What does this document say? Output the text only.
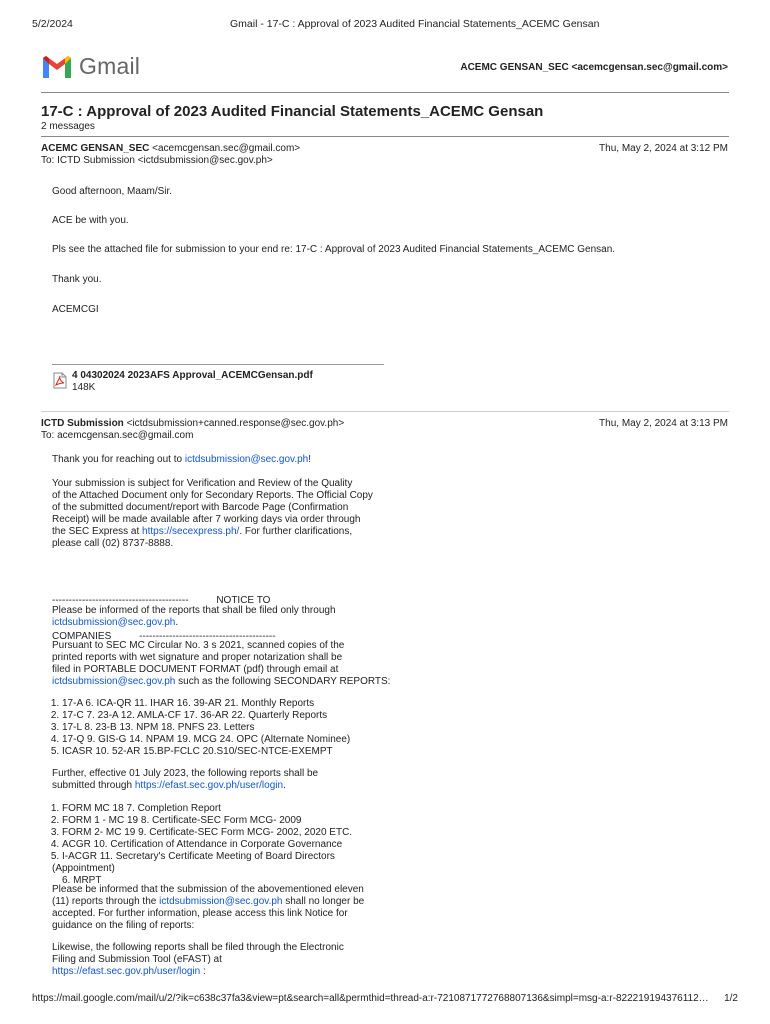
5/2/2024	Gmail - 17-C : Approval of 2023 Audited Financial Statements_ACEMC Gensan
Gmail	ACEMC GENSAN_SEC <acemcgensan.sec@gmail.com>
17-C : Approval of 2023 Audited Financial Statements_ACEMC Gensan
2 messages
ACEMC GENSAN_SEC <acemcgensan.sec@gmail.com>
To: ICTD Submission <ictdsubmission@sec.gov.ph>
Thu, May 2, 2024 at 3:12 PM
Good afternoon, Maam/Sir.
ACE be with you.
Pls see the attached file for submission to your end re: 17-C : Approval of 2023 Audited Financial Statements_ACEMC Gensan.
Thank you.
ACEMCGI
4 04302024 2023AFS Approval_ACEMCGensan.pdf
148K
ICTD Submission <ictdsubmission+canned.response@sec.gov.ph>
To: acemcgensan.sec@gmail.com
Thu, May 2, 2024 at 3:13 PM
Thank you for reaching out to ictdsubmission@sec.gov.ph!
Your submission is subject for Verification and Review of the Quality
of the Attached Document only for Secondary Reports. The Official Copy
of the submitted document/report with Barcode Page (Confirmation
Receipt) will be made available after 7 working days via order through
the SEC Express at https://secexpress.ph/. For further clarifications,
please call (02) 8737-8888.

-----------------------------------------          NOTICE TO

COMPANIES          -----------------------------------------

Please be informed of the reports that shall be filed only through
ictdsubmission@sec.gov.ph.
Pursuant to SEC MC Circular No. 3 s 2021, scanned copies of the
printed reports with wet signature and proper notarization shall be
filed in PORTABLE DOCUMENT FORMAT (pdf) through email at
ictdsubmission@sec.gov.ph such as the following SECONDARY REPORTS:
1. 17-A 6. ICA-QR 11. IHAR 16. 39-AR 21. Monthly Reports
2. 17-C 7. 23-A 12. AMLA-CF 17. 36-AR 22. Quarterly Reports
3. 17-L 8. 23-B 13. NPM 18. PNFS 23. Letters
4. 17-Q 9. GIS-G 14. NPAM 19. MCG 24. OPC (Alternate Nominee)
5. ICASR 10. 52-AR 15.BP-FCLC 20.S10/SEC-NTCE-EXEMPT
Further, effective 01 July 2023, the following reports shall be
submitted through https://efast.sec.gov.ph/user/login.
1. FORM MC 18 7. Completion Report
2. FORM 1 - MC 19 8. Certificate-SEC Form MCG- 2009
3. FORM 2- MC 19 9. Certificate-SEC Form MCG- 2002, 2020 ETC.
4. ACGR 10. Certification of Attendance in Corporate Governance
5. I-ACGR 11. Secretary's Certificate Meeting of Board Directors
(Appointment)
6. MRPT
Please be informed that the submission of the abovementioned eleven
(11) reports through the ictdsubmission@sec.gov.ph shall no longer be
accepted. For further information, please access this link Notice for
guidance on the filing of reports:
Likewise, the following reports shall be filed through the Electronic
Filing and Submission Tool (eFAST) at
https://efast.sec.gov.ph/user/login :
https://mail.google.com/mail/u/2/?ik=c638c37fa3&view=pt&search=all&permthid=thread-a:r-7210871772768807136&simpl=msg-a:r-822219194376112… 1/2
